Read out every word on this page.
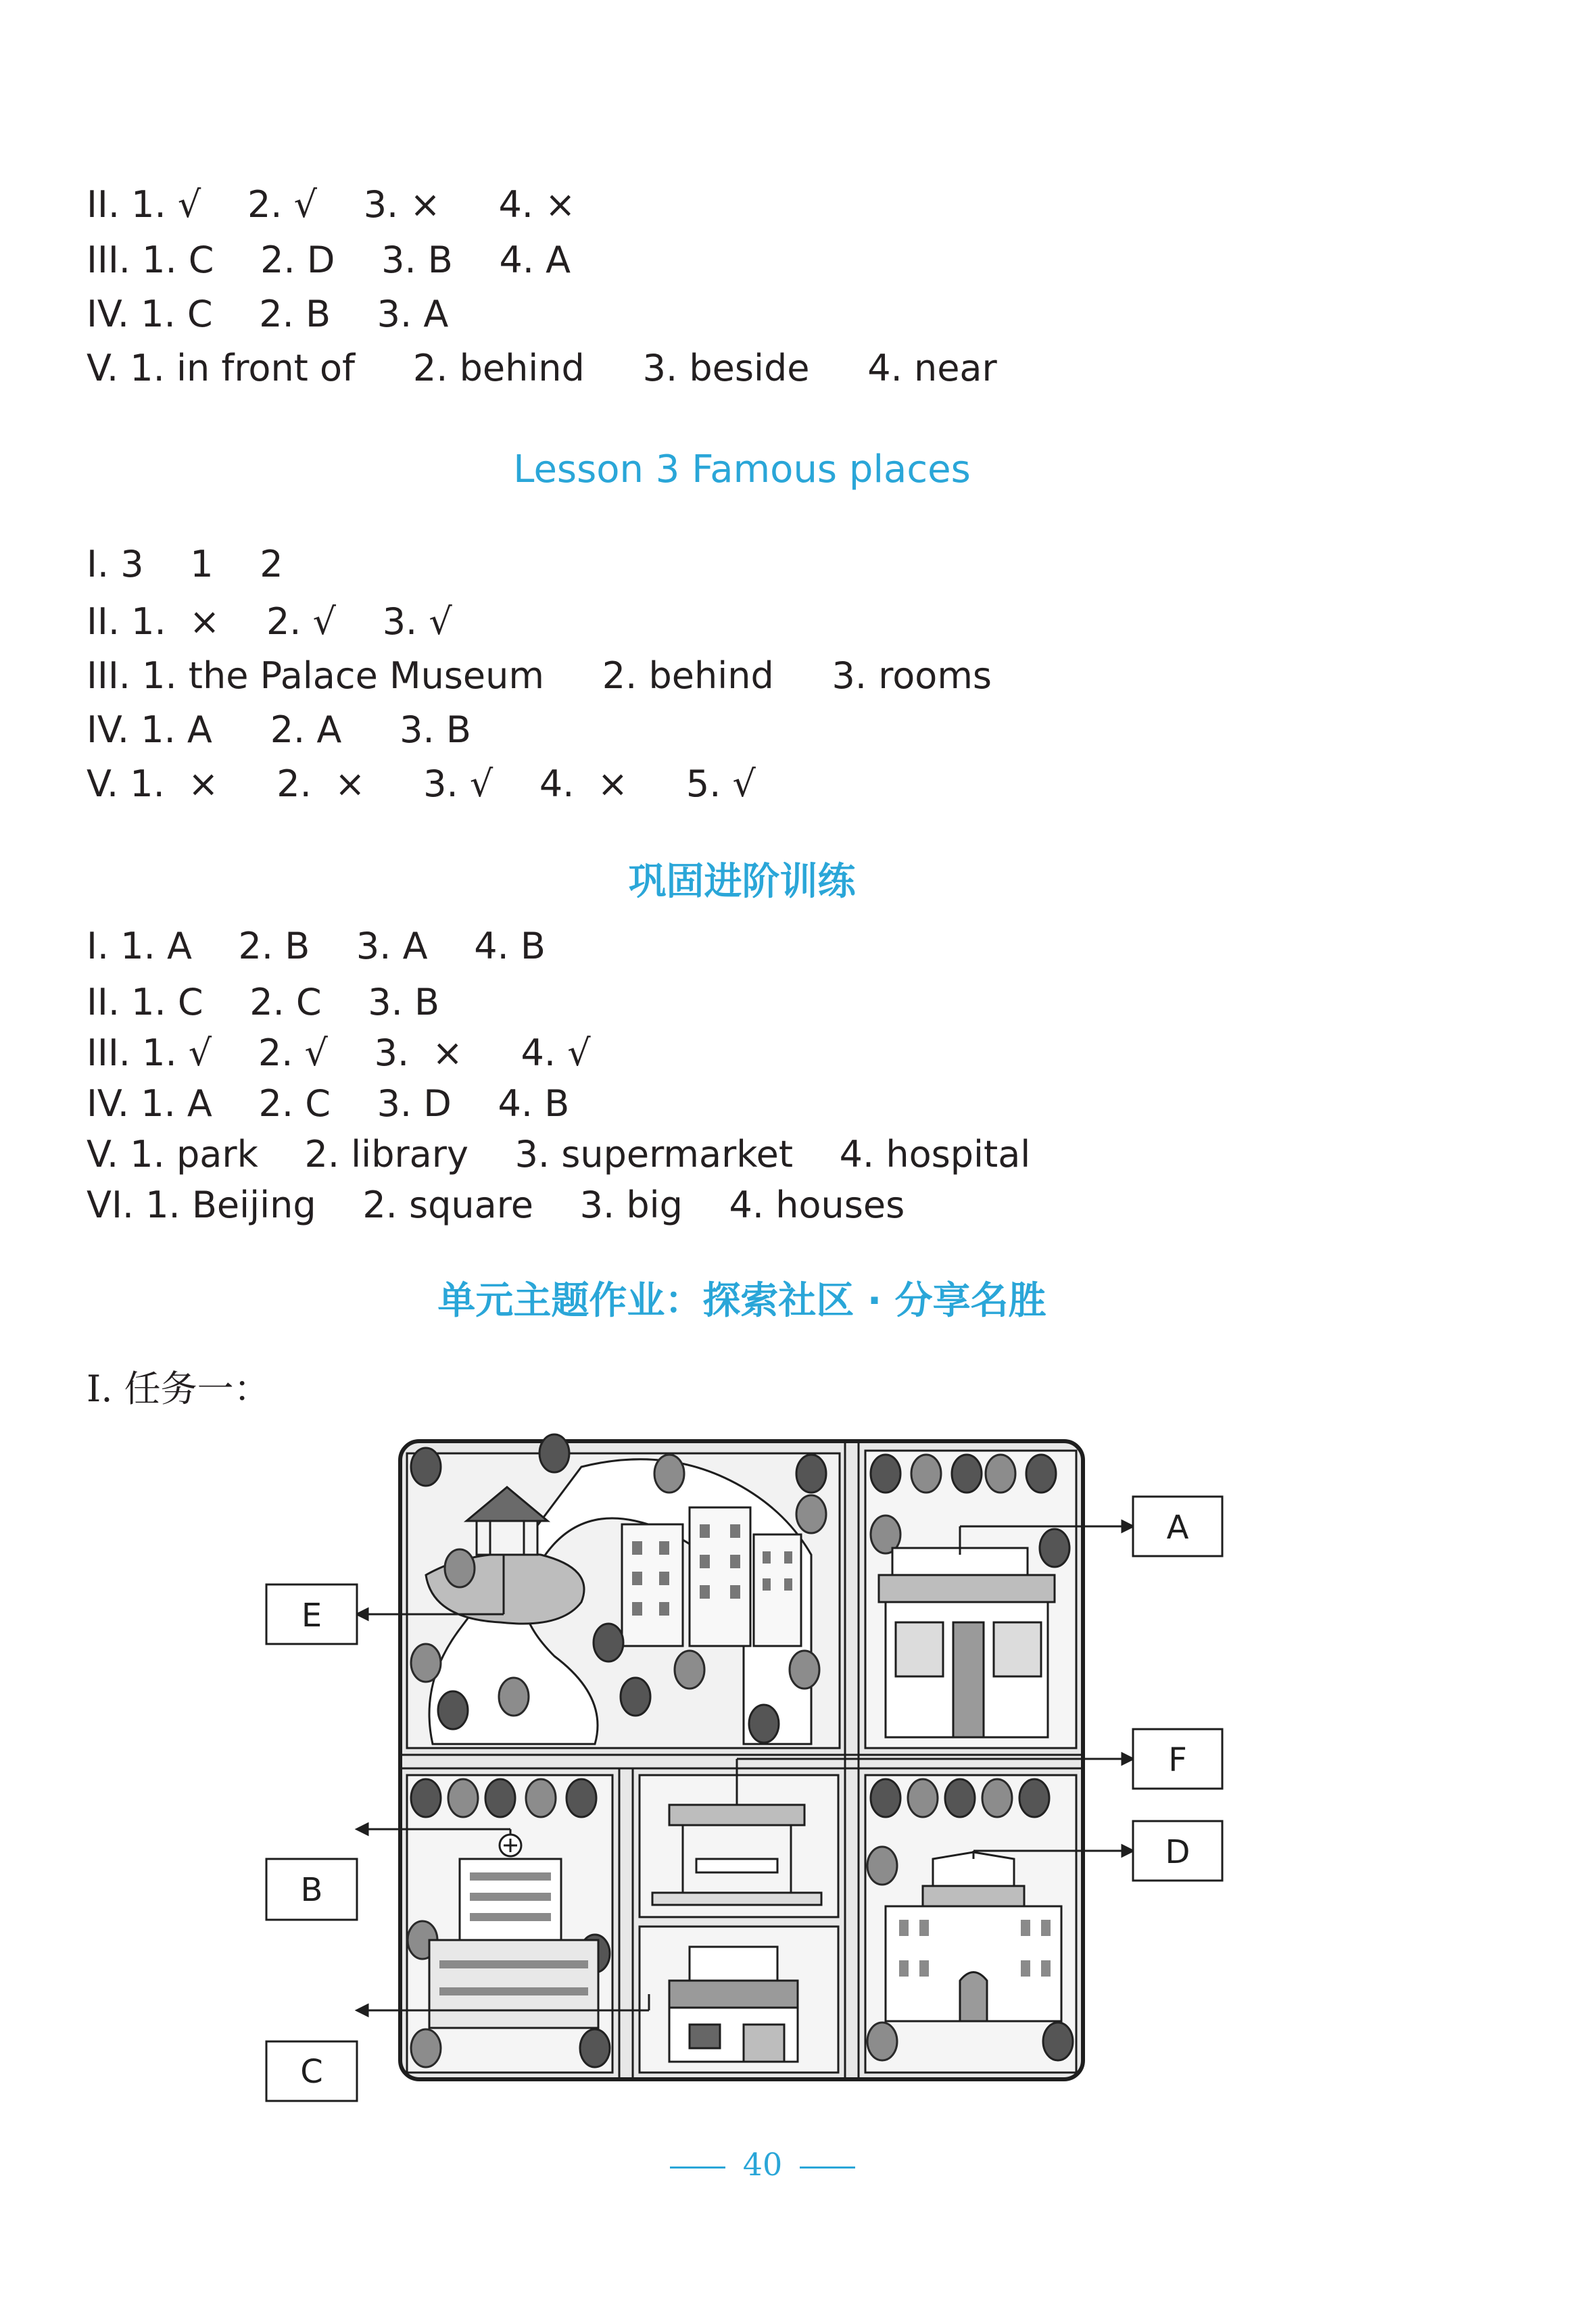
II. 1. √    2. √    3. ×     4. ×
III. 1. C    2. D    3. B    4. A
IV. 1. C    2. B    3. A
V. 1. in front of     2. behind     3. beside     4. near
Lesson 3 Famous places
I. 3    1    2
II. 1.  ×    2. √    3. √
III. 1. the Palace Museum     2. behind     3. rooms
IV. 1. A     2. A     3. B
V. 1.  ×     2.  ×     3. √    4.  ×     5. √
巩固进阶训练
I. 1. A    2. B    3. A    4. B
II. 1. C    2. C    3. B
III. 1. √    2. √    3.  ×     4. √
IV. 1. A    2. C    3. D    4. B
V. 1. park    2. library    3. supermarket    4. hospital
VI. 1. Beijing    2. square    3. big    4. houses
单元主题作业：探索社区 · 分享名胜
I. 任务一：
A
B
C
D
E
F
40
